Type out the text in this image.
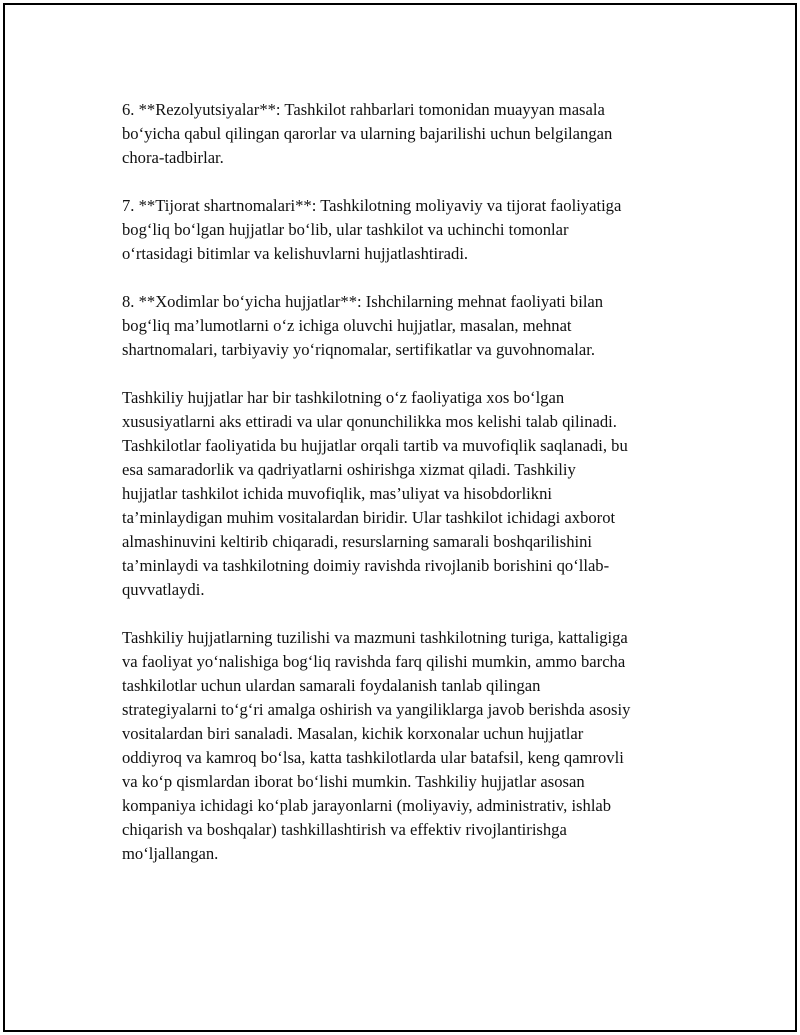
6. **Rezolyutsiyalar**: Tashkilot rahbarlari tomonidan muayyan masala
bo‘yicha qabul qilingan qarorlar va ularning bajarilishi uchun belgilangan
chora-tadbirlar.

7. **Tijorat shartnomalari**: Tashkilotning moliyaviy va tijorat faoliyatiga
bog‘liq bo‘lgan hujjatlar bo‘lib, ular tashkilot va uchinchi tomonlar
o‘rtasidagi bitimlar va kelishuvlarni hujjatlashtiradi.

8. **Xodimlar bo‘yicha hujjatlar**: Ishchilarning mehnat faoliyati bilan
bog‘liq ma’lumotlarni o‘z ichiga oluvchi hujjatlar, masalan, mehnat
shartnomalari, tarbiyaviy yo‘riqnomalar, sertifikatlar va guvohnomalar.

Tashkiliy hujjatlar har bir tashkilotning o‘z faoliyatiga xos bo‘lgan
xususiyatlarni aks ettiradi va ular qonunchilikka mos kelishi talab qilinadi.
Tashkilotlar faoliyatida bu hujjatlar orqali tartib va muvofiqlik saqlanadi, bu
esa samaradorlik va qadriyatlarni oshirishga xizmat qiladi. Tashkiliy
hujjatlar tashkilot ichida muvofiqlik, mas’uliyat va hisobdorlikni
ta’minlaydigan muhim vositalardan biridir. Ular tashkilot ichidagi axborot
almashinuvini keltirib chiqaradi, resurslarning samarali boshqarilishini
ta’minlaydi va tashkilotning doimiy ravishda rivojlanib borishini qo‘llab-
quvvatlaydi.

Tashkiliy hujjatlarning tuzilishi va mazmuni tashkilotning turiga, kattaligiga
va faoliyat yo‘nalishiga bog‘liq ravishda farq qilishi mumkin, ammo barcha
tashkilotlar uchun ulardan samarali foydalanish tanlab qilingan
strategiyalarni to‘g‘ri amalga oshirish va yangiliklarga javob berishda asosiy
vositalardan biri sanaladi. Masalan, kichik korxonalar uchun hujjatlar
oddiyroq va kamroq bo‘lsa, katta tashkilotlarda ular batafsil, keng qamrovli
va ko‘p qismlardan iborat bo‘lishi mumkin. Tashkiliy hujjatlar asosan
kompaniya ichidagi ko‘plab jarayonlarni (moliyaviy, administrativ, ishlab
chiqarish va boshqalar) tashkillashtirish va effektiv rivojlantirishga
mo‘ljallangan.
